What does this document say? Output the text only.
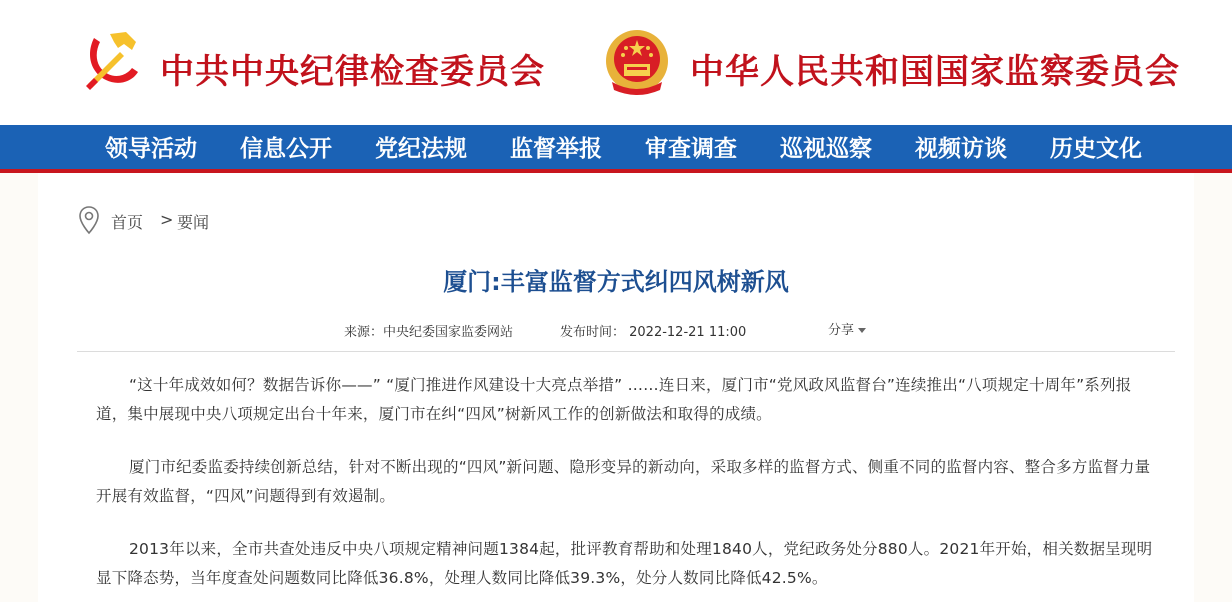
中共中央纪律检查委员会	中华人民共和国国家监察委员会
领导活动 信息公开 党纪法规 监督举报 审查调查 巡视巡察 视频访谈 历史文化
首页 > 要闻
厦门:丰富监督方式纠四风树新风
来源：中央纪委国家监委网站	发布时间： 2022-12-21 11:00	分享

“这十年成效如何？数据告诉你——” “厦门推进作风建设十大亮点举措” ……连日来，厦门市“党风政风监督台”连续推出“八项规定十周年”系列报道，集中展现中央八项规定出台十年来，厦门市在纠“四风”树新风工作的创新做法和取得的成绩。

厦门市纪委监委持续创新总结，针对不断出现的“四风”新问题、隐形变异的新动向，采取多样的监督方式、侧重不同的监督内容、整合多方监督力量开展有效监督，“四风”问题得到有效遏制。

2013年以来，全市共查处违反中央八项规定精神问题1384起，批评教育帮助和处理1840人，党纪政务处分880人。2021年开始，相关数据呈现明显下降态势，当年度查处问题数同比降低36.8%，处理人数同比降低39.3%，处分人数同比降低42.5%。
